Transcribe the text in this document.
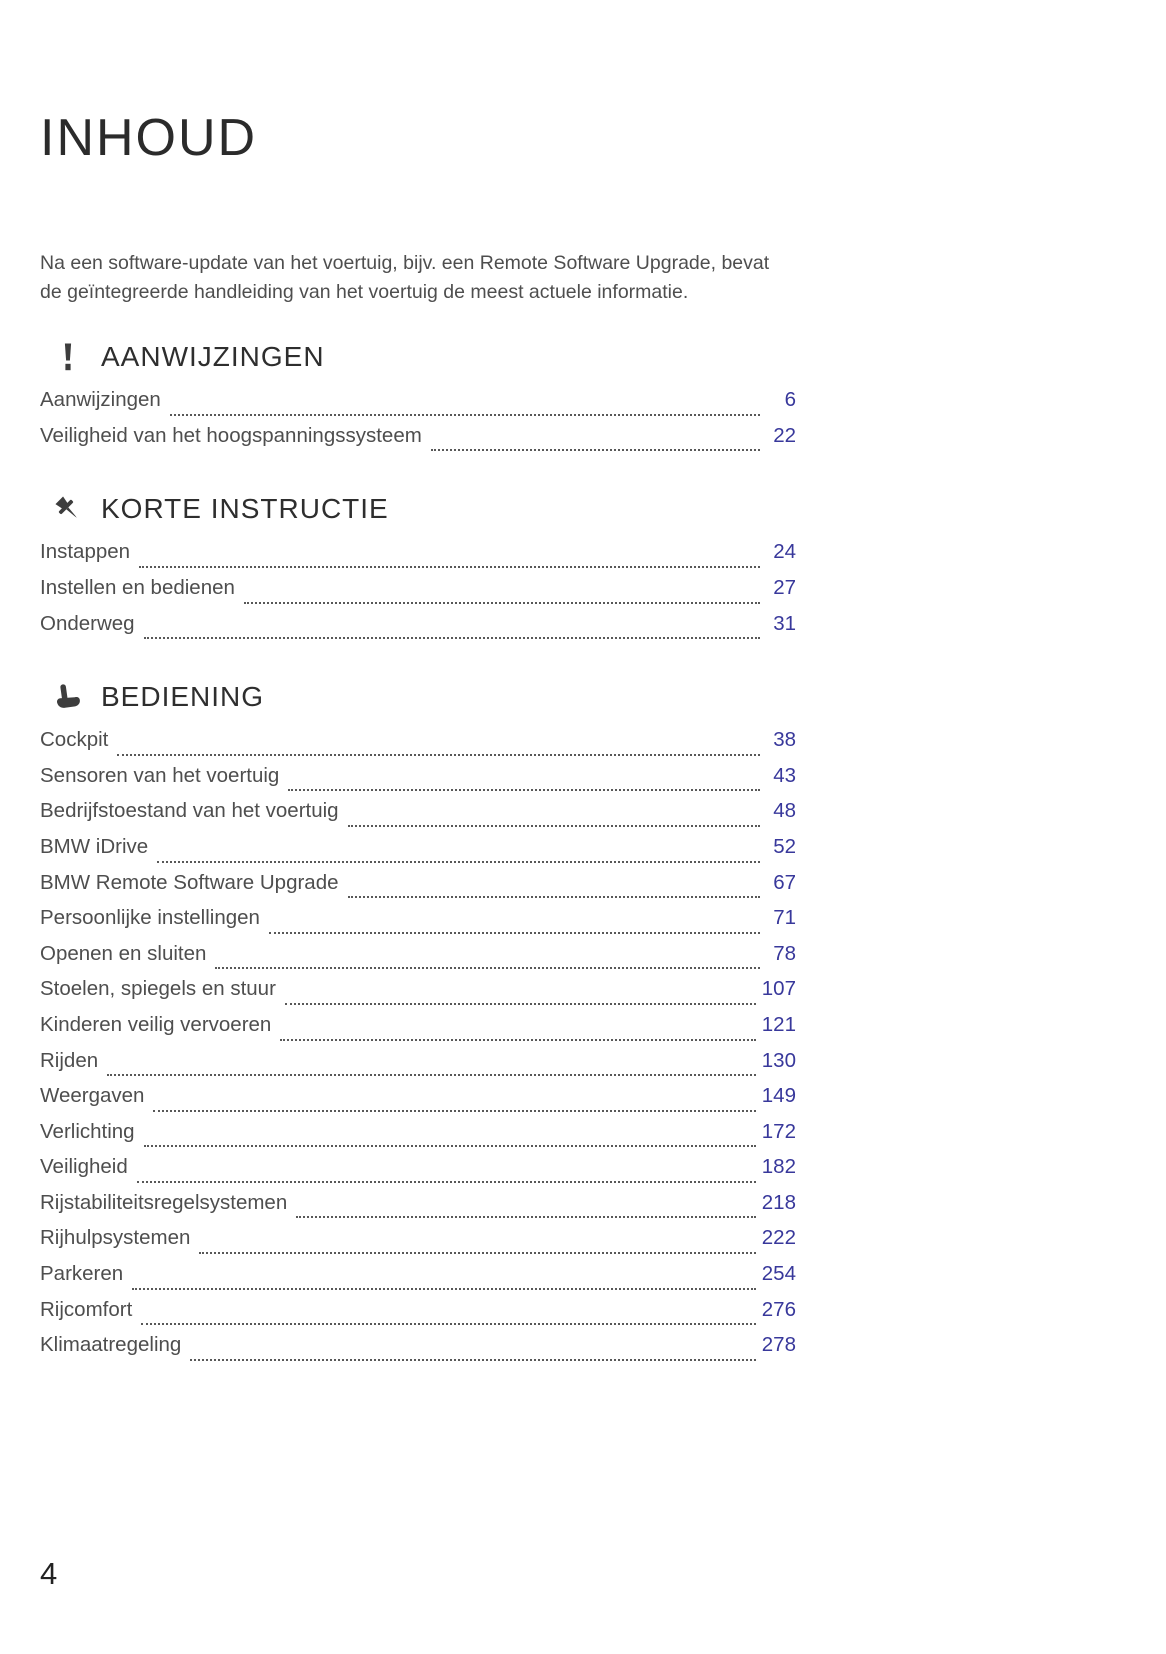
INHOUD

Na een software-update van het voertuig, bijv. een Remote Software Upgrade, bevat de geïntegreerde handleiding van het voertuig de meest actuele informatie.

AANWIJZINGEN
Aanwijzingen	6
Veiligheid van het hoogspanningssysteem	22
KORTE INSTRUCTIE
Instappen	24
Instellen en bedienen	27
Onderweg	31
BEDIENING
Cockpit	38
Sensoren van het voertuig	43
Bedrijfstoestand van het voertuig	48
BMW iDrive	52
BMW Remote Software Upgrade	67
Persoonlijke instellingen	71
Openen en sluiten	78
Stoelen, spiegels en stuur	107
Kinderen veilig vervoeren	121
Rijden	130
Weergaven	149
Verlichting	172
Veiligheid	182
Rijstabiliteitsregelsystemen	218
Rijhulpsystemen	222
Parkeren	254
Rijcomfort	276
Klimaatregeling	278
4
